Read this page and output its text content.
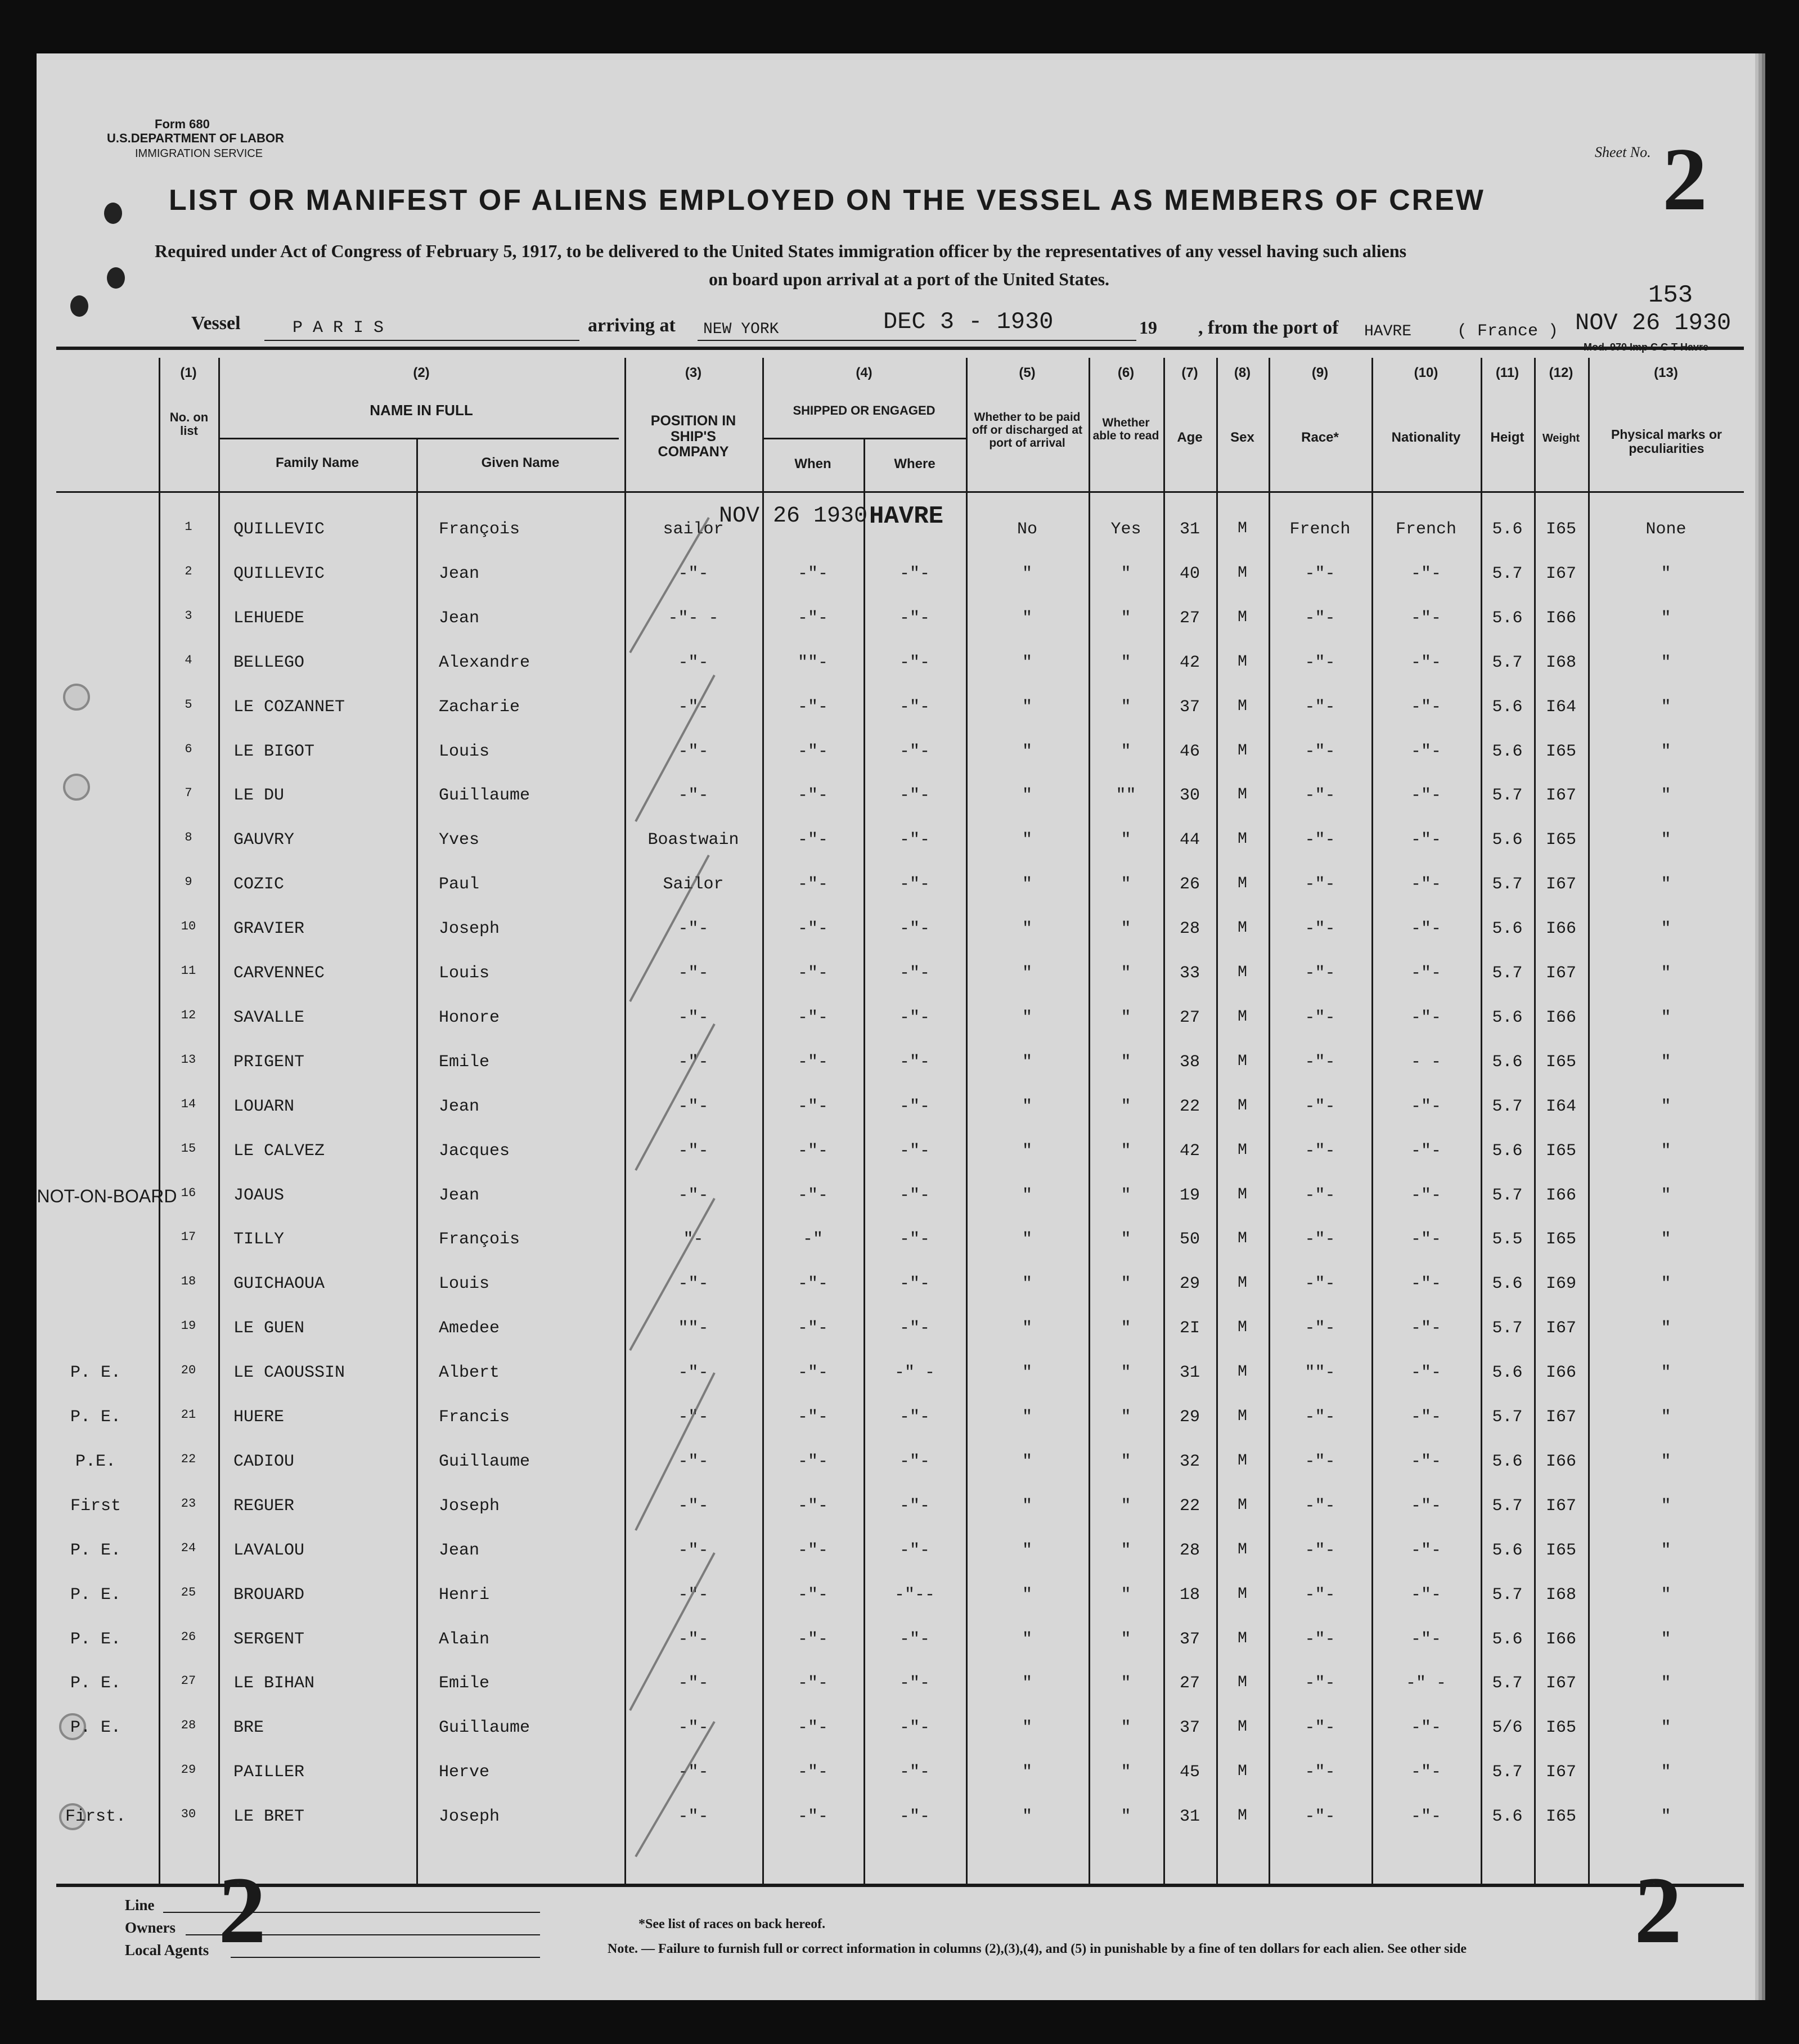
Form 680
U.S.DEPARTMENT OF LABOR
IMMIGRATION SERVICE	Sheet No. 2
LIST OR MANIFEST OF ALIENS EMPLOYED ON THE VESSEL AS MEMBERS OF CREW
Required under Act of Congress of February 5, 1917, to be delivered to the United States immigration officer by the representatives of any vessel having such aliens
on board upon arrival at a port of the United States.
153
Vessel	P A R I S	arriving at NEW YORK	DEC 3 - 1930	19 , from the port of HAVRE	( France ) NOV 26 1930
(1)	(2)	(3)	(4)	(5)	(6)	(7)	(8)	(9)	(10)	(11)	(12)	(13)
No. on list
NAME IN FULL
Family Name	Given Name
POSITION IN SHIP'S COMPANY
SHIPPED OR ENGAGED
When	Where
Whether to be paid off or discharged at port of arrival
Whether able to read	Age	Sex	Race*	Nationality	Heigt	Weight	Physical marks or peculiarities
NOV 26 1930 HAVRE
1	QUILLEVIC	François	sailor	No	Yes	31	M	French	French	5.6	I65	None
2	QUILLEVIC	Jean	-"-	-"-	-"-	"	"	40	M	-"-	-"-	5.7	I67	"
3	LEHUEDE	Jean	-"- -	-"-	-"-	"	"	27	M	-"-	-"-	5.6	I66	"
4	BELLEGO	Alexandre	-"-	""-	-"-	"	"	42	M	-"-	-"-	5.7	I68	"
5	LE COZANNET	Zacharie	-"-	-"-	-"-	"	"	37	M	-"-	-"-	5.6	I64	"
6	LE BIGOT	Louis	-"-	-"-	-"-	"	"	46	M	-"-	-"-	5.6	I65	"
7	LE DU	Guillaume	-"-	-"-	-"-	"	""	30	M	-"-	-"-	5.7	I67	"
8	GAUVRY	Yves	Boastwain	-"-	-"-	"	"	44	M	-"-	-"-	5.6	I65	"
9	COZIC	Paul	Sailor	-"-	-"-	"	"	26	M	-"-	-"-	5.7	I67	"
10	GRAVIER	Joseph	-"-	-"-	-"-	"	"	28	M	-"-	-"-	5.6	I66	"
11	CARVENNEC	Louis	-"-	-"-	-"-	"	"	33	M	-"-	-"-	5.7	I67	"
12	SAVALLE	Honore	-"-	-"-	-"-	"	"	27	M	-"-	-"-	5.6	I66	"
13	PRIGENT	Emile	-"-	-"-	-"-	"	"	38	M	-"-	- -	5.6	I65	"
14	LOUARN	Jean	-"-	-"-	-"-	"	"	22	M	-"-	-"-	5.7	I64	"
15	LE CALVEZ	Jacques	-"-	-"-	-"-	"	"	42	M	-"-	-"-	5.6	I65	"
NOT-ON-BOARD 16	JOAUS	Jean	-"-	-"-	-"-	"	"	19	M	-"-	-"-	5.7	I66	"
17	TILLY	François	"-	-"	-"-	"	"	50	M	-"-	-"-	5.5	I65	"
18	GUICHAOUA	Louis	-"-	-"-	-"-	"	"	29	M	-"-	-"-	5.6	I69	"
19	LE GUEN	Amedee	""-	-"-	-"-	"	"	2I	M	-"-	-"-	5.7	I67	"
P. E.	20	LE CAOUSSIN	Albert	-"-	-"-	-" -	"	"	31	M	""-	-"-	5.6	I66	"
P. E.	21	HUERE	Francis	-"-	-"-	-"-	"	"	29	M	-"-	-"-	5.7	I67	"
P.E.	22	CADIOU	Guillaume	-"-	-"-	-"-	"	"	32	M	-"-	-"-	5.6	I66	"
First	23	REGUER	Joseph	-"-	-"-	-"-	"	"	22	M	-"-	-"-	5.7	I67	"
P. E.	24	LAVALOU	Jean	-"-	-"-	-"-	"	"	28	M	-"-	-"-	5.6	I65	"
P. E.	25	BROUARD	Henri	-"-	-"-	-"--	"	"	18	M	-"-	-"-	5.7	I68	"
P. E.	26	SERGENT	Alain	-"-	-"-	-"-	"	"	37	M	-"-	-"-	5.6	I66	"
P. E.	27	LE BIHAN	Emile	-"-	-"-	-"-	"	"	27	M	-"-	-" -	5.7	I67	"
P. E.	28	BRE	Guillaume	-"-	-"-	-"-	"	"	37	M	-"-	-"-	5/6	I65	"
29	PAILLER	Herve	-"-	-"-	-"-	"	"	45	M	-"-	-"-	5.7	I67	"
First.	30	LE BRET	Joseph	-"-	-"-	-"-	"	"	31	M	-"-	-"-	5.6	I65	"
Line
Owners
Local Agents 2	2
*See list of races on back hereof.
Note. — Failure to furnish full or correct information in columns (2),(3),(4), and (5) in punishable by a fine of ten dollars for each alien. See other side
